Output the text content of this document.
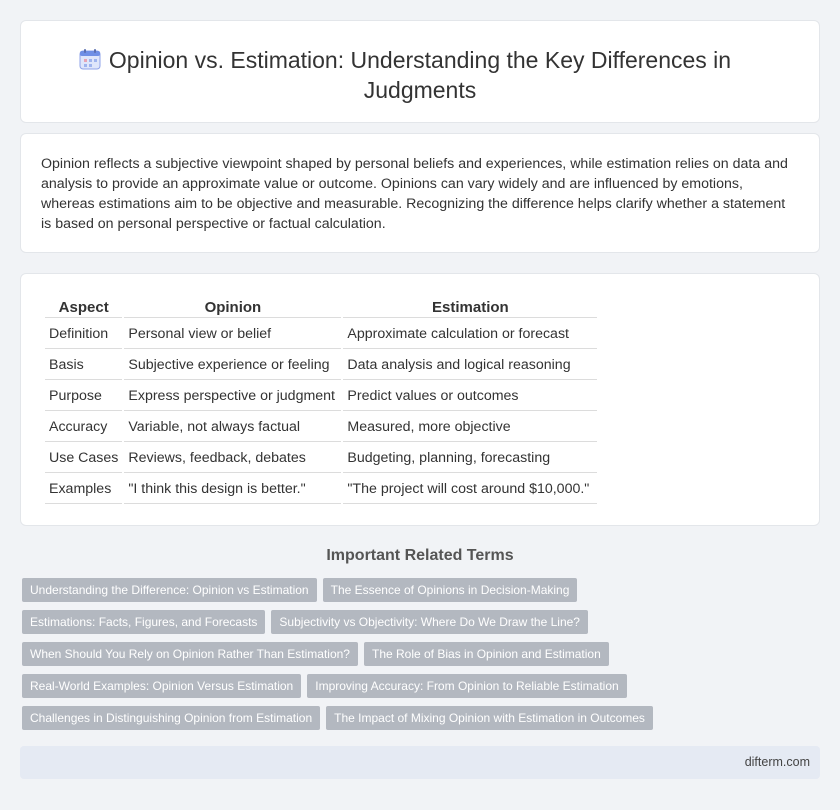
Opinion vs. Estimation: Understanding the Key Differences in Judgments

Opinion reflects a subjective viewpoint shaped by personal beliefs and experiences, while estimation relies on data and analysis to provide an approximate value or outcome. Opinions can vary widely and are influenced by emotions, whereas estimations aim to be objective and measurable. Recognizing the difference helps clarify whether a statement is based on personal perspective or factual calculation.

Aspect	Opinion	Estimation
Definition	Personal view or belief	Approximate calculation or forecast
Basis	Subjective experience or feeling	Data analysis and logical reasoning
Purpose	Express perspective or judgment	Predict values or outcomes
Accuracy	Variable, not always factual	Measured, more objective
Use Cases	Reviews, feedback, debates	Budgeting, planning, forecasting
Examples	"I think this design is better."	"The project will cost around $10,000."
Important Related Terms
Understanding the Difference: Opinion vs Estimation	The Essence of Opinions in Decision-Making
Estimations: Facts, Figures, and Forecasts	Subjectivity vs Objectivity: Where Do We Draw the Line?
When Should You Rely on Opinion Rather Than Estimation?	The Role of Bias in Opinion and Estimation
Real-World Examples: Opinion Versus Estimation	Improving Accuracy: From Opinion to Reliable Estimation
Challenges in Distinguishing Opinion from Estimation	The Impact of Mixing Opinion with Estimation in Outcomes
difterm.com
